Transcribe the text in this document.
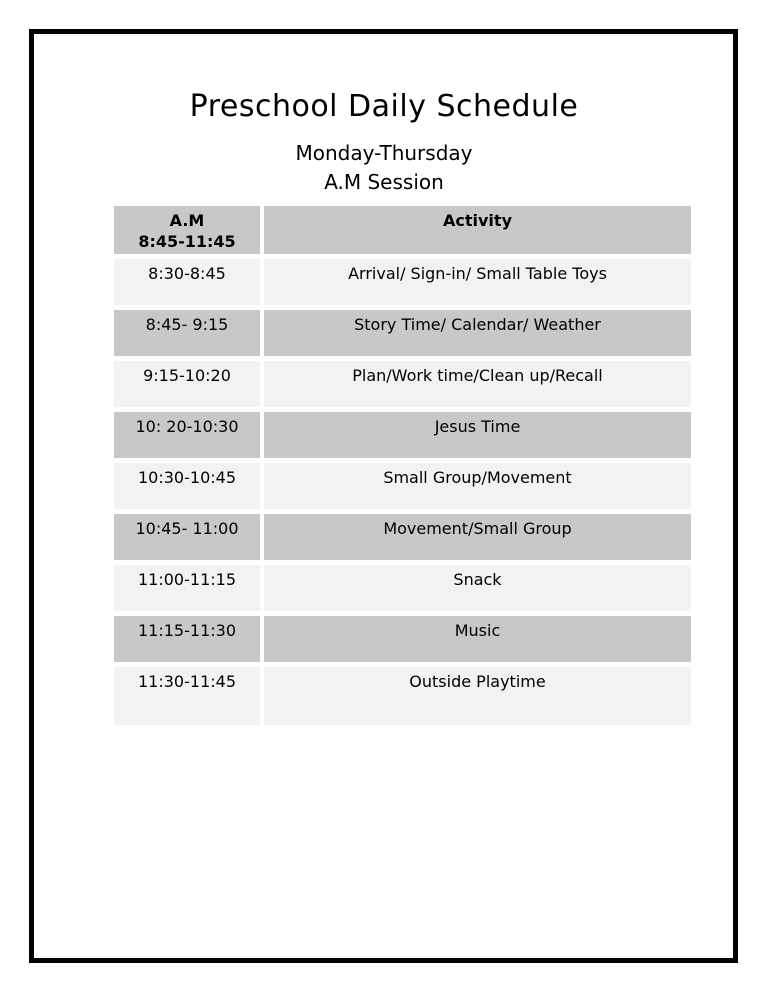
Preschool Daily Schedule
Monday-Thursday
A.M Session
A.M
8:45-11:45	Activity
8:30-8:45	Arrival/ Sign-in/ Small Table Toys
8:45- 9:15	Story Time/ Calendar/ Weather
9:15-10:20	Plan/Work time/Clean up/Recall
10: 20-10:30	Jesus Time
10:30-10:45	Small Group/Movement
10:45- 11:00	Movement/Small Group
11:00-11:15	Snack
11:15-11:30	Music
11:30-11:45	Outside Playtime
